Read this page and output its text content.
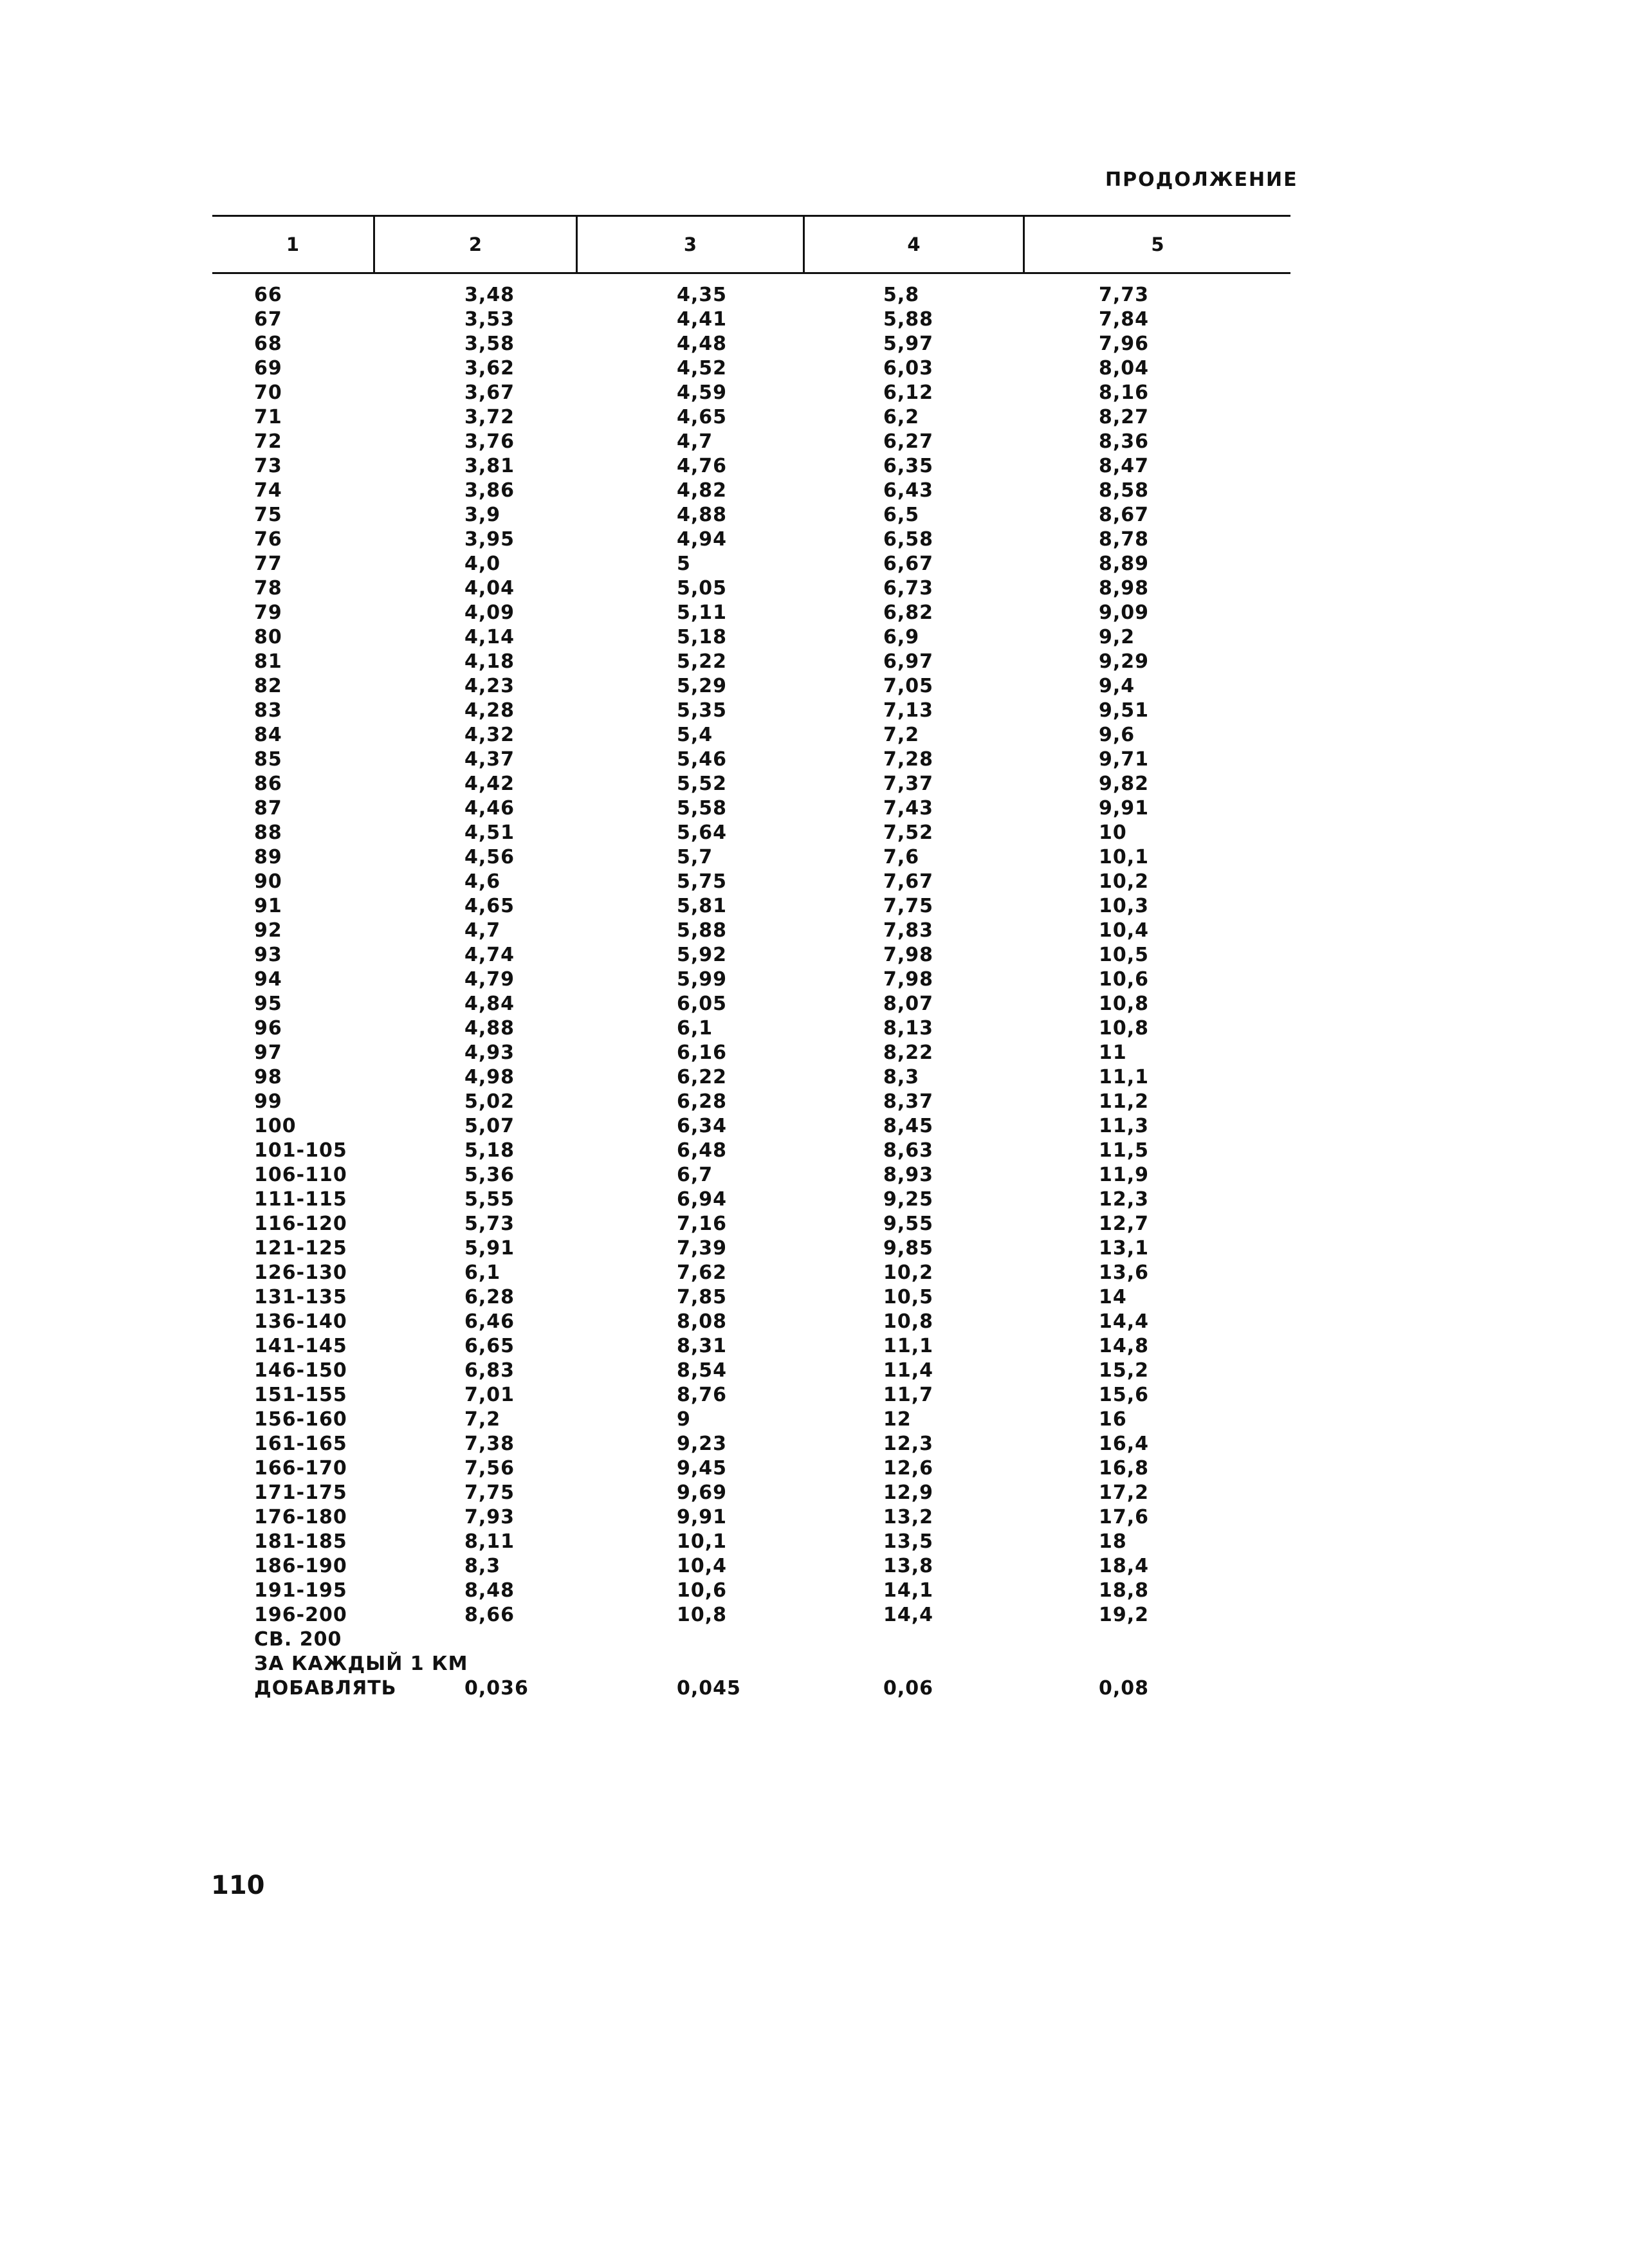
ПРОДОЛЖЕНИЕ
1	2	3	4	5
66	3,48	4,35	5,8	7,73
67	3,53	4,41	5,88	7,84
68	3,58	4,48	5,97	7,96
69	3,62	4,52	6,03	8,04
70	3,67	4,59	6,12	8,16
71	3,72	4,65	6,2	8,27
72	3,76	4,7	6,27	8,36
73	3,81	4,76	6,35	8,47
74	3,86	4,82	6,43	8,58
75	3,9	4,88	6,5	8,67
76	3,95	4,94	6,58	8,78
77	4,0	5	6,67	8,89
78	4,04	5,05	6,73	8,98
79	4,09	5,11	6,82	9,09
80	4,14	5,18	6,9	9,2
81	4,18	5,22	6,97	9,29
82	4,23	5,29	7,05	9,4
83	4,28	5,35	7,13	9,51
84	4,32	5,4	7,2	9,6
85	4,37	5,46	7,28	9,71
86	4,42	5,52	7,37	9,82
87	4,46	5,58	7,43	9,91
88	4,51	5,64	7,52	10
89	4,56	5,7	7,6	10,1
90	4,6	5,75	7,67	10,2
91	4,65	5,81	7,75	10,3
92	4,7	5,88	7,83	10,4
93	4,74	5,92	7,98	10,5
94	4,79	5,99	7,98	10,6
95	4,84	6,05	8,07	10,8
96	4,88	6,1	8,13	10,8
97	4,93	6,16	8,22	11
98	4,98	6,22	8,3	11,1
99	5,02	6,28	8,37	11,2
100	5,07	6,34	8,45	11,3
101-105	5,18	6,48	8,63	11,5
106-110	5,36	6,7	8,93	11,9
111-115	5,55	6,94	9,25	12,3
116-120	5,73	7,16	9,55	12,7
121-125	5,91	7,39	9,85	13,1
126-130	6,1	7,62	10,2	13,6
131-135	6,28	7,85	10,5	14
136-140	6,46	8,08	10,8	14,4
141-145	6,65	8,31	11,1	14,8
146-150	6,83	8,54	11,4	15,2
151-155	7,01	8,76	11,7	15,6
156-160	7,2	9	12	16
161-165	7,38	9,23	12,3	16,4
166-170	7,56	9,45	12,6	16,8
171-175	7,75	9,69	12,9	17,2
176-180	7,93	9,91	13,2	17,6
181-185	8,11	10,1	13,5	18
186-190	8,3	10,4	13,8	18,4
191-195	8,48	10,6	14,1	18,8
196-200	8,66	10,8	14,4	19,2
СВ. 200
ЗА КАЖДЫЙ 1 КМ
ДОБАВЛЯТЬ	0,036	0,045	0,06	0,08
110
